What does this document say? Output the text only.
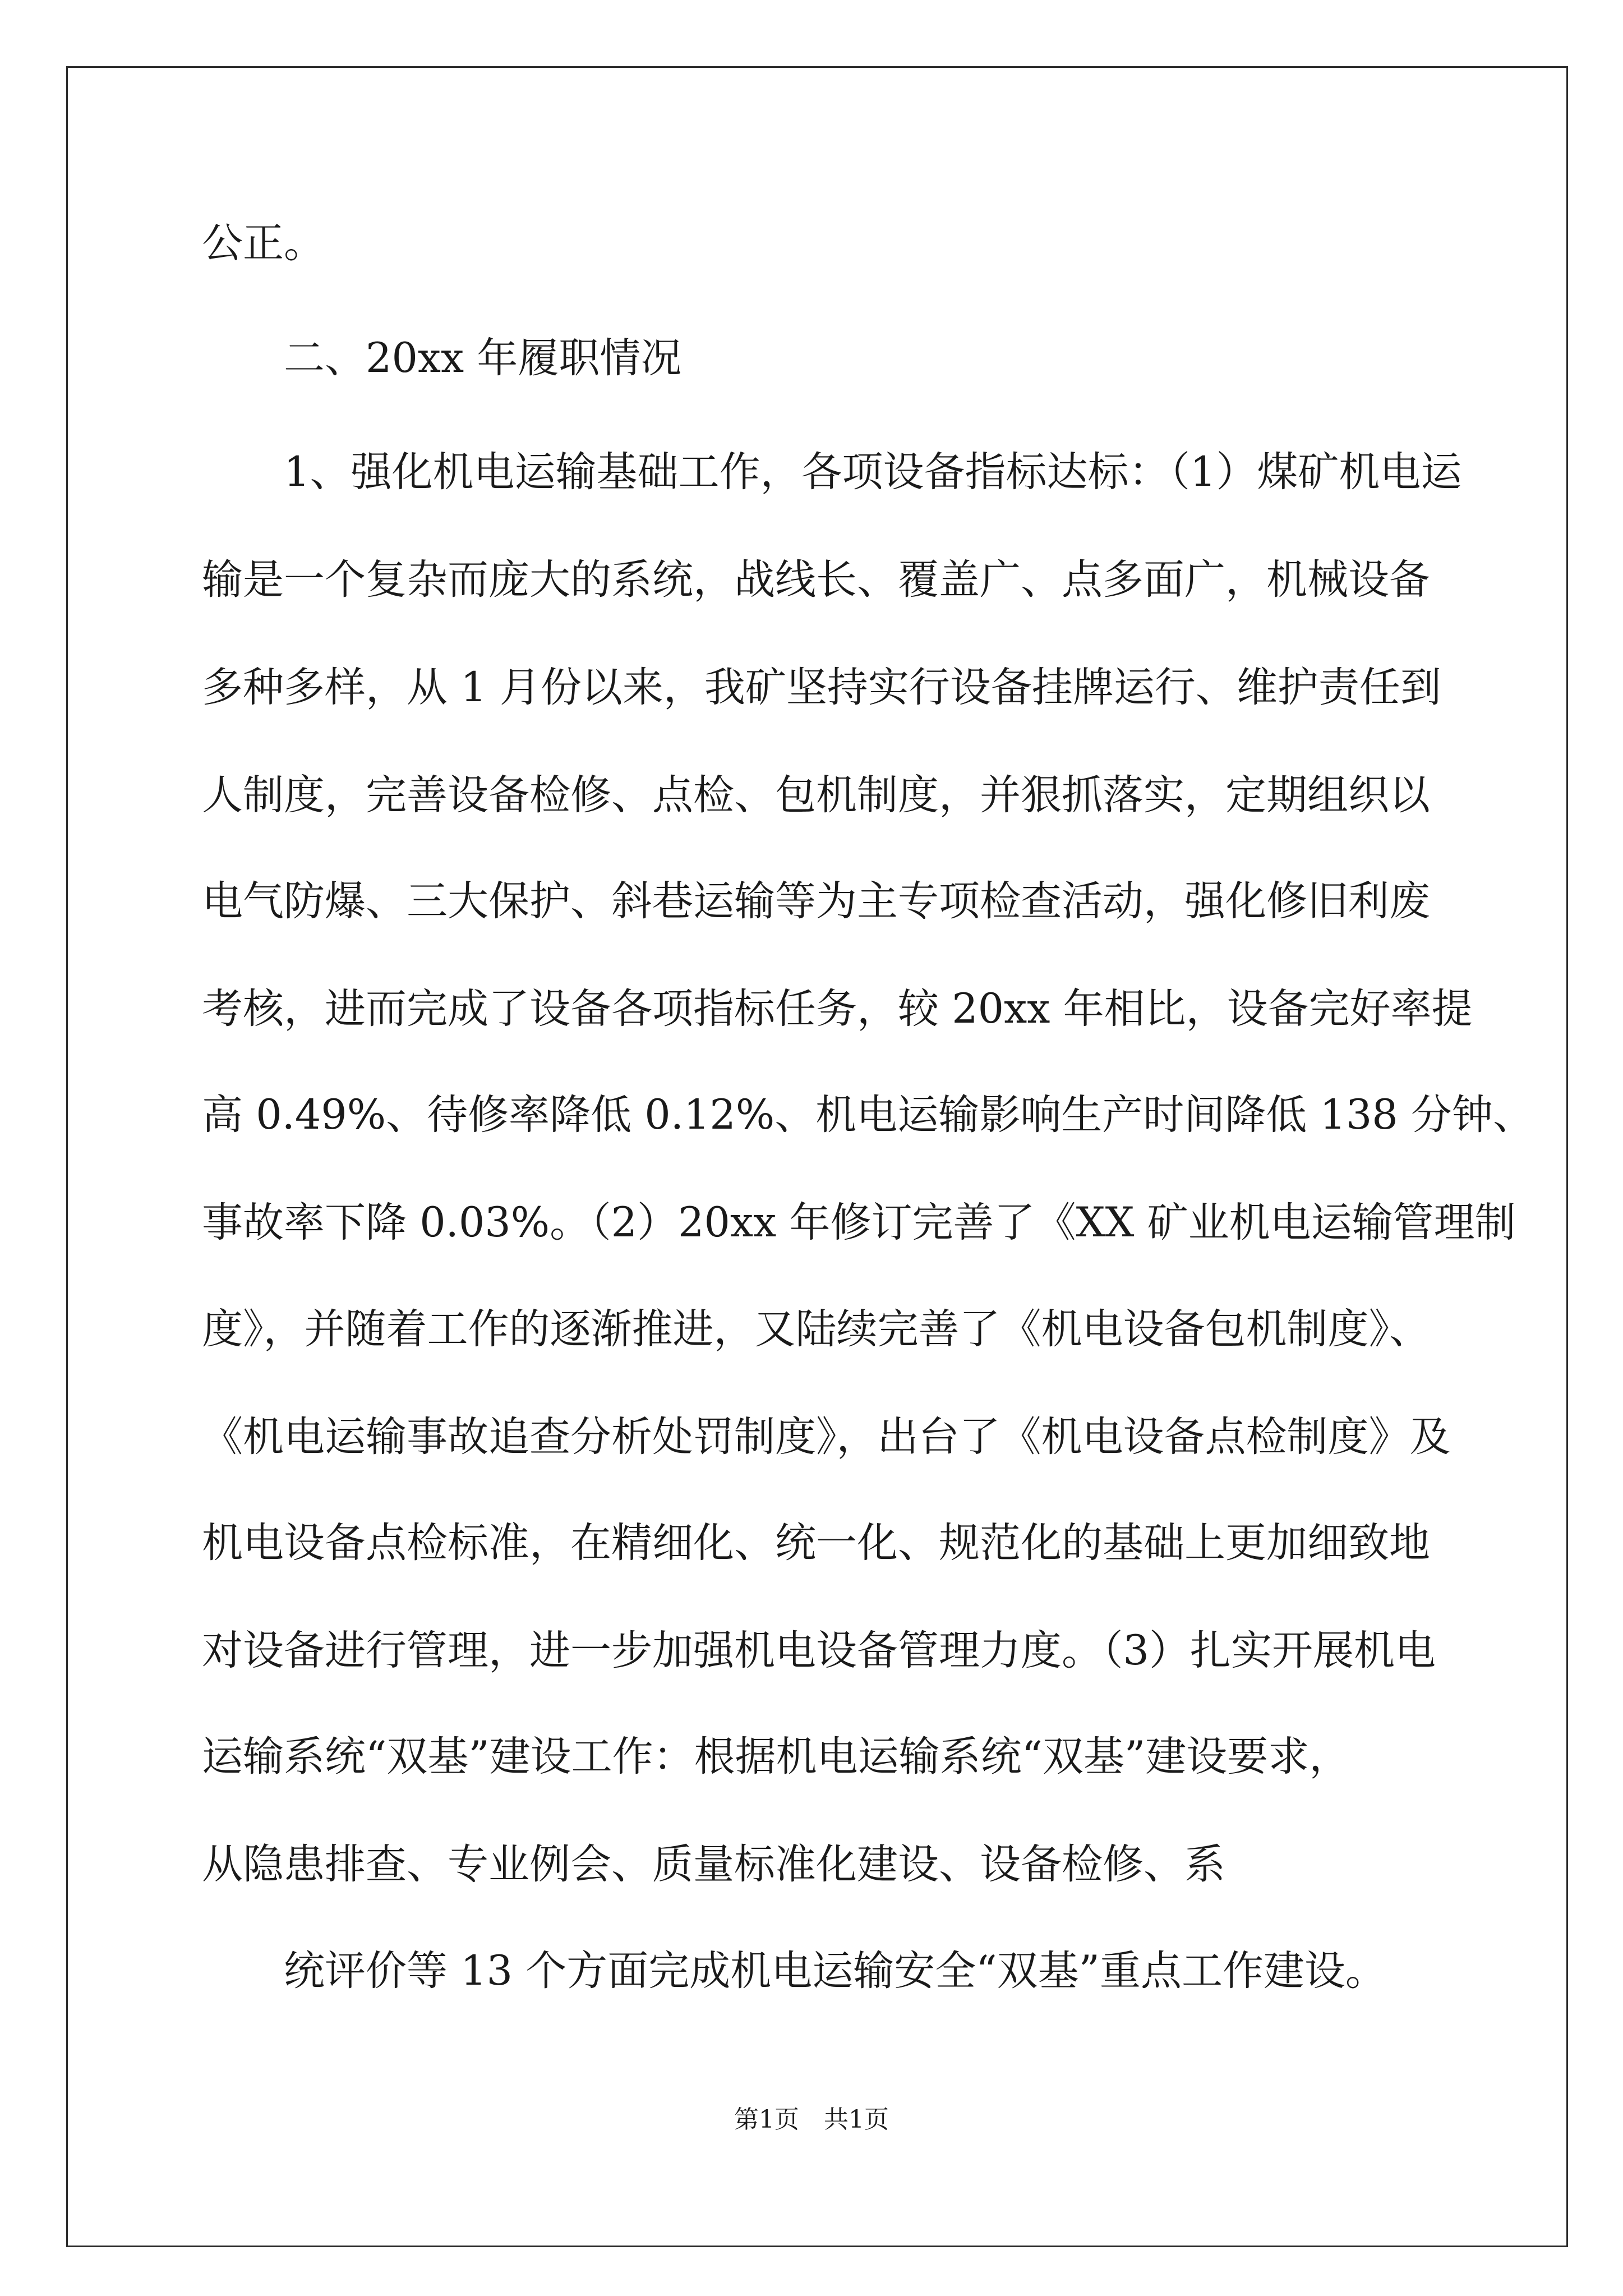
公正。
二、20xx 年履职情况
1、强化机电运输基础工作，各项设备指标达标：（1）煤矿机电运
输是一个复杂而庞大的系统，战线长、覆盖广、点多面广，机械设备
多种多样，从 1 月份以来，我矿坚持实行设备挂牌运行、维护责任到
人制度，完善设备检修、点检、包机制度，并狠抓落实，定期组织以
电气防爆、三大保护、斜巷运输等为主专项检查活动，强化修旧利废
考核，进而完成了设备各项指标任务，较 20xx 年相比，设备完好率提
高 0.49%、待修率降低 0.12%、机电运输影响生产时间降低 138 分钟、
事故率下降 0.03%。（2）20xx 年修订完善了《XX 矿业机电运输管理制
度》，并随着工作的逐渐推进，又陆续完善了《机电设备包机制度》、
《机电运输事故追查分析处罚制度》，出台了《机电设备点检制度》及
机电设备点检标准，在精细化、统一化、规范化的基础上更加细致地
对设备进行管理，进一步加强机电设备管理力度。（3）扎实开展机电
运输系统“双基”建设工作：根据机电运输系统“双基”建设要求，
从隐患排查、专业例会、质量标准化建设、设备检修、系
统评价等 13 个方面完成机电运输安全“双基”重点工作建设。
第1页　共1页
